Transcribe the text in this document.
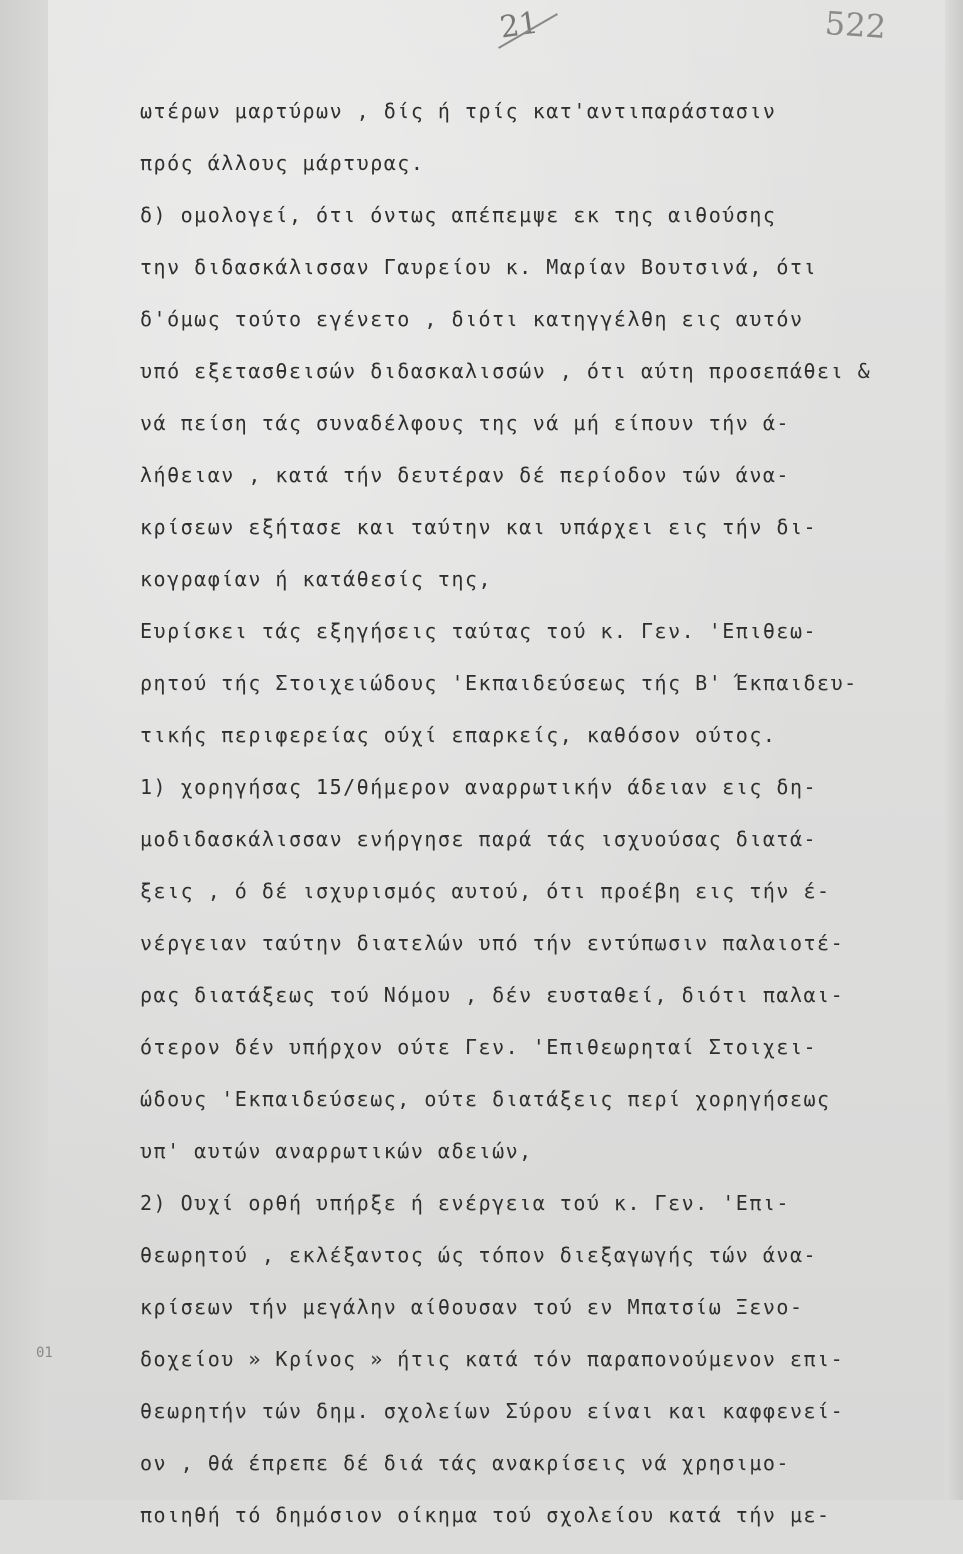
21	522
01
ωτέρων μαρτύρων , δίς ή τρίς κατ'αντιπαράστασιν
πρός άλλους μάρτυρας.
δ) ομολογεί, ότι όντως απέπεμψε εκ της αιθούσης
την διδασκάλισσαν Γαυρείου κ. Μαρίαν Βουτσινά, ότι
δ'όμως τούτο εγένετο , διότι κατηγγέλθη εις αυτόν
υπό εξετασθεισών διδασκαλισσών , ότι αύτη προσεπάθει &
νά πείση τάς συναδέλφους της νά μή είπουν τήν ά-
λήθειαν , κατά τήν δευτέραν δέ περίοδον τών άνα-
κρίσεων εξήτασε και ταύτην και υπάρχει εις τήν δι-
κογραφίαν ή κατάθεσίς της,
Ευρίσκει τάς εξηγήσεις ταύτας τού κ. Γεν. 'Επιθεω-
ρητού τής Στοιχειώδους 'Εκπαιδεύσεως τής Β' Έκπαιδευ-
τικής περιφερείας ούχί επαρκείς, καθόσον ούτος.
1) χορηγήσας 15/θήμερον αναρρωτικήν άδειαν εις δη-
μοδιδασκάλισσαν ενήργησε παρά τάς ισχυούσας διατά-
ξεις , ό δέ ισχυρισμός αυτού, ότι προέβη εις τήν έ-
νέργειαν ταύτην διατελών υπό τήν εντύπωσιν παλαιοτέ-
ρας διατάξεως τού Νόμου , δέν ευσταθεί, διότι παλαι-
ότερον δέν υπήρχον ούτε Γεν. 'Επιθεωρηταί Στοιχει-
ώδους 'Εκπαιδεύσεως, ούτε διατάξεις περί χορηγήσεως
υπ' αυτών αναρρωτικών αδειών,
2) Ουχί ορθή υπήρξε ή ενέργεια τού κ. Γεν. 'Επι-
θεωρητού , εκλέξαντος ώς τόπον διεξαγωγής τών άνα-
κρίσεων τήν μεγάλην αίθουσαν τού εν Μπατσίω Ξενο-
δοχείου » Κρίνος » ήτις κατά τόν παραπονούμενον επι-
θεωρητήν τών δημ. σχολείων Σύρου είναι και καφφενεί-
ον , θά έπρεπε δέ διά τάς ανακρίσεις νά χρησιμο-
ποιηθή τό δημόσιον οίκημα τού σχολείου κατά τήν με-
